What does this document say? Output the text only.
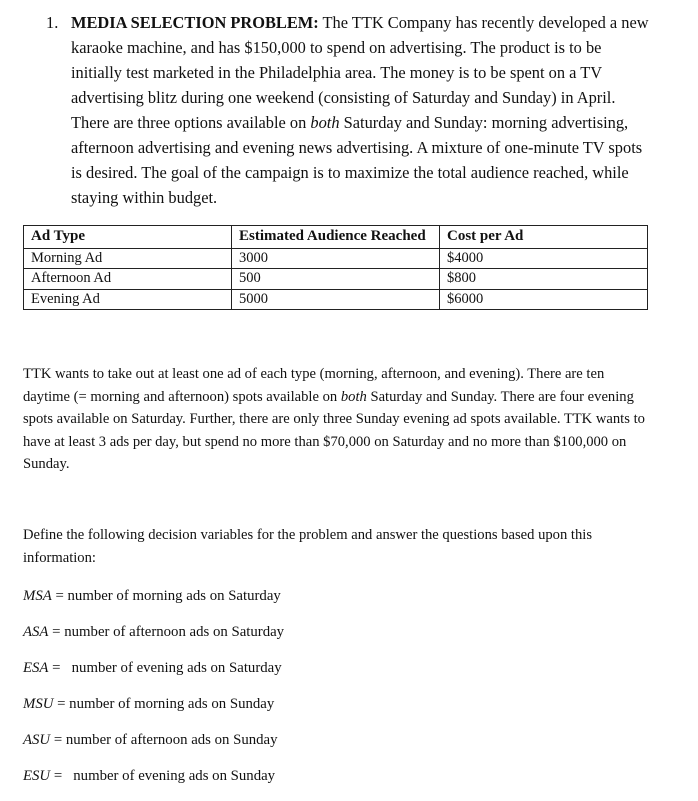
1. MEDIA SELECTION PROBLEM: The TTK Company has recently developed a new karaoke machine, and has $150,000 to spend on advertising. The product is to be initially test marketed in the Philadelphia area. The money is to be spent on a TV advertising blitz during one weekend (consisting of Saturday and Sunday) in April. There are three options available on both Saturday and Sunday: morning advertising, afternoon advertising and evening news advertising. A mixture of one-minute TV spots is desired. The goal of the campaign is to maximize the total audience reached, while staying within budget.
Ad Type	Estimated Audience Reached	Cost per Ad
Morning Ad	3000	$4000
Afternoon Ad	500	$800
Evening Ad	5000	$6000
TTK wants to take out at least one ad of each type (morning, afternoon, and evening). There are ten daytime (= morning and afternoon) spots available on both Saturday and Sunday. There are four evening spots available on Saturday. Further, there are only three Sunday evening ad spots available. TTK wants to have at least 3 ads per day, but spend no more than $70,000 on Saturday and no more than $100,000 on Sunday.
Define the following decision variables for the problem and answer the questions based upon this information:
MSA = number of morning ads on Saturday
ASA = number of afternoon ads on Saturday
ESA =   number of evening ads on Saturday
MSU = number of morning ads on Sunday
ASU = number of afternoon ads on Sunday
ESU =   number of evening ads on Sunday
